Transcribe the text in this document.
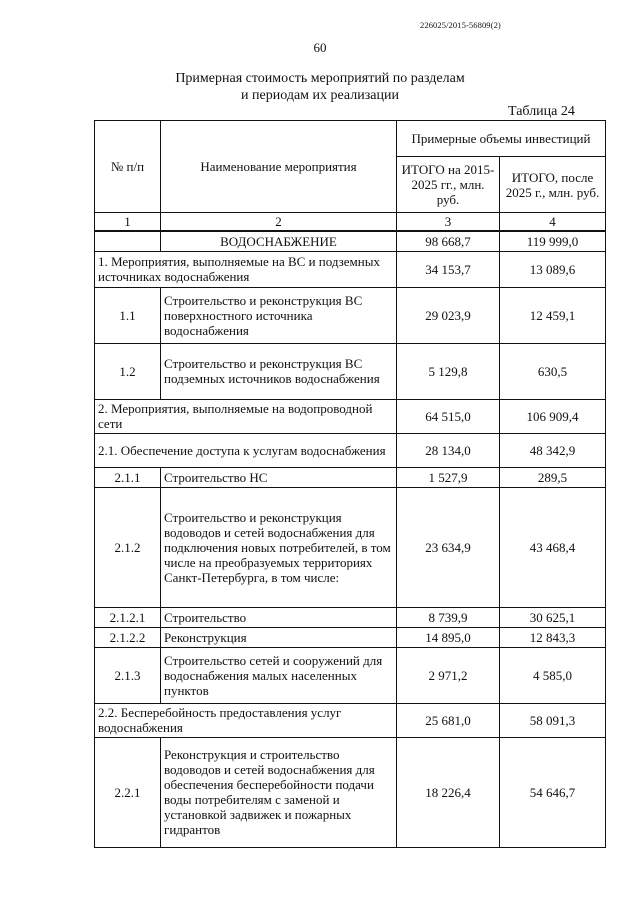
226025/2015-56809(2)
60
Примерная стоимость мероприятий по разделам
и периодам их реализации
Таблица 24
№ п/п	Наименование мероприятия	Примерные объемы инвестиций	
		ИТОГО на 2015-2025 гг., млн. руб.	ИТОГО, после 2025 г., млн. руб.
1	2	3	4
	ВОДОСНАБЖЕНИЕ	98 668,7	119 999,0
1. Мероприятия, выполняемые на ВС и подземных источниках водоснабжения		34 153,7	13 089,6
1.1	Строительство и реконструкция ВС поверхностного источника водоснабжения	29 023,9	12 459,1
1.2	Строительство и реконструкция ВС подземных источников водоснабжения	5 129,8	630,5
2. Мероприятия, выполняемые на водопроводной сети		64 515,0	106 909,4
2.1. Обеспечение доступа к услугам водоснабжения		28 134,0	48 342,9
2.1.1	Строительство НС	1 527,9	289,5
2.1.2	Строительство и реконструкция водоводов и сетей водоснабжения для подключения новых потребителей, в том числе на преобразуемых территориях Санкт-Петербурга, в том числе:	23 634,9	43 468,4
2.1.2.1	Строительство	8 739,9	30 625,1
2.1.2.2	Реконструкция	14 895,0	12 843,3
2.1.3	Строительство сетей и сооружений для водоснабжения малых населенных пунктов	2 971,2	4 585,0
2.2. Бесперебойность предоставления услуг водоснабжения		25 681,0	58 091,3
2.2.1	Реконструкция и строительство водоводов и сетей водоснабжения для обеспечения бесперебойности подачи воды потребителям с заменой и установкой задвижек и пожарных гидрантов	18 226,4	54 646,7
